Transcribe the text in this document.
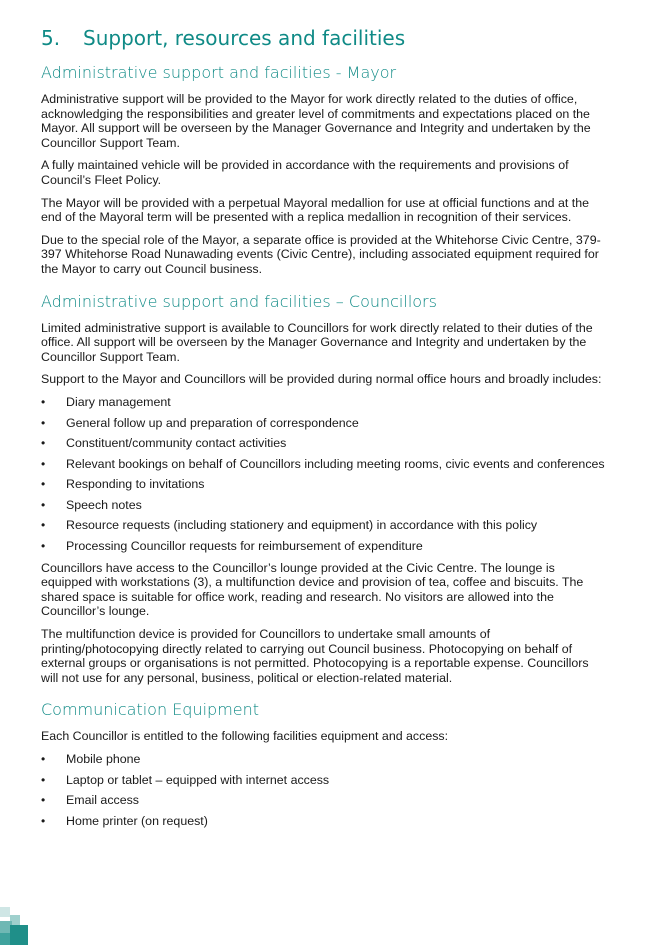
5.	Support, resources and facilities
Administrative support and facilities - Mayor

Administrative support will be provided to the Mayor for work directly related to the duties of office, acknowledging the responsibilities and greater level of commitments and expectations placed on the Mayor. All support will be overseen by the Manager Governance and Integrity and undertaken by the Councillor Support Team.

A fully maintained vehicle will be provided in accordance with the requirements and provisions of Council’s Fleet Policy.

The Mayor will be provided with a perpetual Mayoral medallion for use at official functions and at the end of the Mayoral term will be presented with a replica medallion in recognition of their services.

Due to the special role of the Mayor, a separate office is provided at the Whitehorse Civic Centre, 379-397 Whitehorse Road Nunawading events (Civic Centre), including associated equipment required for the Mayor to carry out Council business.

Administrative support and facilities – Councillors

Limited administrative support is available to Councillors for work directly related to their duties of the office. All support will be overseen by the Manager Governance and Integrity and undertaken by the Councillor Support Team.

Support to the Mayor and Councillors will be provided during normal office hours and broadly includes:

• Diary management
• General follow up and preparation of correspondence
• Constituent/community contact activities
• Relevant bookings on behalf of Councillors including meeting rooms, civic events and conferences
• Responding to invitations
• Speech notes
• Resource requests (including stationery and equipment) in accordance with this policy
• Processing Councillor requests for reimbursement of expenditure

Councillors have access to the Councillor’s lounge provided at the Civic Centre. The lounge is equipped with workstations (3), a multifunction device and provision of tea, coffee and biscuits. The shared space is suitable for office work, reading and research. No visitors are allowed into the Councillor’s lounge.

The multifunction device is provided for Councillors to undertake small amounts of printing/photocopying directly related to carrying out Council business. Photocopying on behalf of external groups or organisations is not permitted. Photocopying is a reportable expense. Councillors will not use for any personal, business, political or election-related material.

Communication Equipment

Each Councillor is entitled to the following facilities equipment and access:

• Mobile phone
• Laptop or tablet – equipped with internet access
• Email access
• Home printer (on request)
